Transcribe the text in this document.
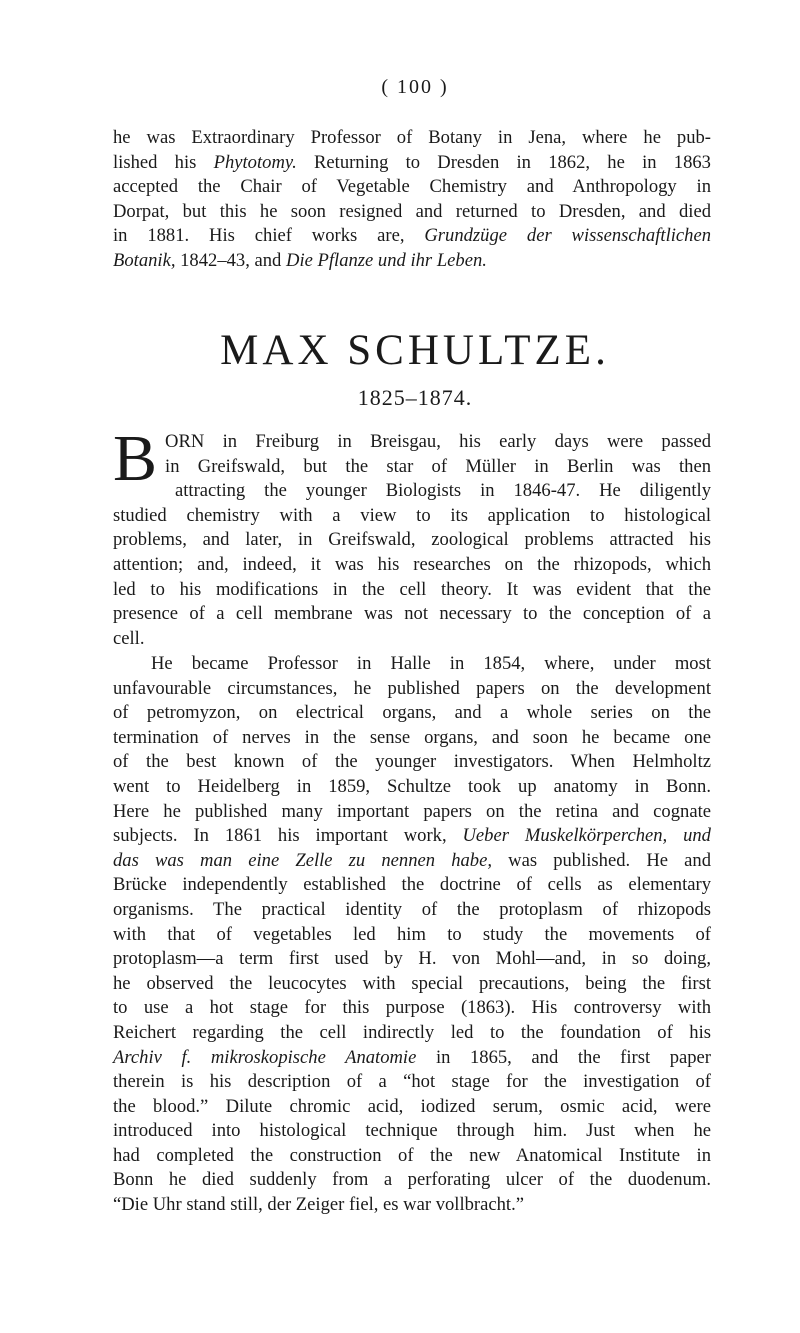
( 100 )
he was Extraordinary Professor of Botany in Jena, where he pub-
lished his Phytotomy. Returning to Dresden in 1862, he in 1863
accepted the Chair of Vegetable Chemistry and Anthropology in
Dorpat, but this he soon resigned and returned to Dresden, and died
in 1881. His chief works are, Grundzüge der wissenschaftlichen
Botanik, 1842–43, and Die Pflanze und ihr Leben.
MAX SCHULTZE.
1825–1874.
B ORN in Freiburg in Breisgau, his early days were passed
in Greifswald, but the star of Müller in Berlin was then
attracting the younger Biologists in 1846-47. He diligently
studied chemistry with a view to its application to histological
problems, and later, in Greifswald, zoological problems attracted his
attention; and, indeed, it was his researches on the rhizopods, which
led to his modifications in the cell theory. It was evident that the
presence of a cell membrane was not necessary to the conception of a
cell.
He became Professor in Halle in 1854, where, under most
unfavourable circumstances, he published papers on the development
of petromyzon, on electrical organs, and a whole series on the
termination of nerves in the sense organs, and soon he became one
of the best known of the younger investigators. When Helmholtz
went to Heidelberg in 1859, Schultze took up anatomy in Bonn.
Here he published many important papers on the retina and cognate
subjects. In 1861 his important work, Ueber Muskelkörperchen, und
das was man eine Zelle zu nennen habe, was published. He and
Brücke independently established the doctrine of cells as elementary
organisms. The practical identity of the protoplasm of rhizopods
with that of vegetables led him to study the movements of
protoplasm—a term first used by H. von Mohl—and, in so doing,
he observed the leucocytes with special precautions, being the first
to use a hot stage for this purpose (1863). His controversy with
Reichert regarding the cell indirectly led to the foundation of his
Archiv f. mikroskopische Anatomie in 1865, and the first paper
therein is his description of a “hot stage for the investigation of
the blood.” Dilute chromic acid, iodized serum, osmic acid, were
introduced into histological technique through him. Just when he
had completed the construction of the new Anatomical Institute in
Bonn he died suddenly from a perforating ulcer of the duodenum.
“Die Uhr stand still, der Zeiger fiel, es war vollbracht.”
